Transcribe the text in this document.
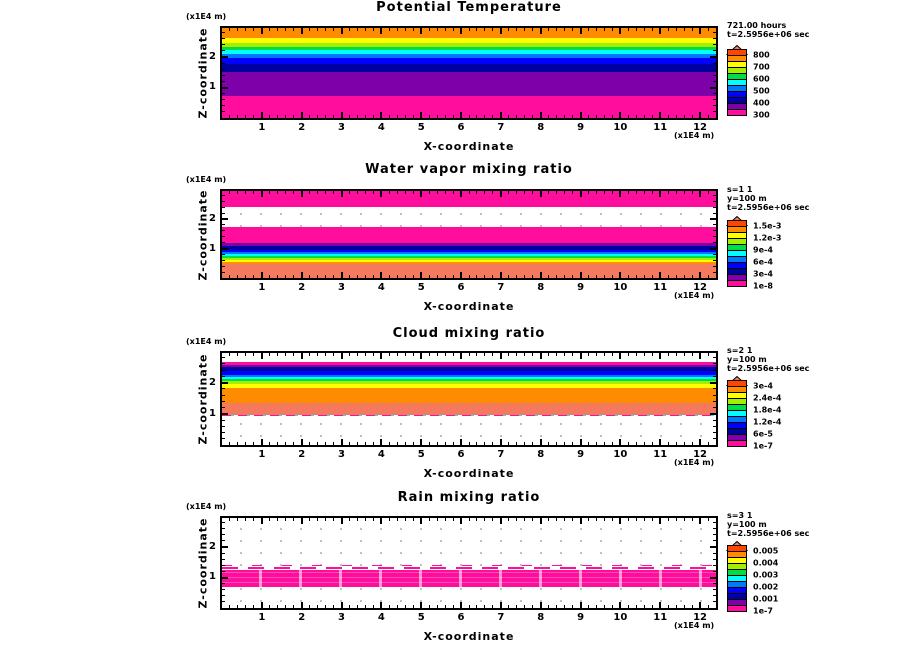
Potential Temperature
(x1E4 m)
Z-coordinate
1	2	3	4	5	6	7	8	9	10	11	12
1
2
(x1E4 m)
X-coordinate
721.00 hours
t=2.5956e+06 sec
800
700
600
500
400
300
Water vapor mixing ratio
(x1E4 m)
Z-coordinate
1	2	3	4	5	6	7	8	9	10	11	12
1
2
(x1E4 m)
X-coordinate
s=1 1
y=100 m
t=2.5956e+06 sec
1.5e-3
1.2e-3
9e-4
6e-4
3e-4
1e-8
Cloud mixing ratio
(x1E4 m)
Z-coordinate
1	2	3	4	5	6	7	8	9	10	11	12
1
2
(x1E4 m)
X-coordinate
s=2 1
y=100 m
t=2.5956e+06 sec
3e-4
2.4e-4
1.8e-4
1.2e-4
6e-5
1e-7
Rain mixing ratio
(x1E4 m)
Z-coordinate
1	2	3	4	5	6	7	8	9	10	11	12
1
2
(x1E4 m)
X-coordinate
s=3 1
y=100 m
t=2.5956e+06 sec
0.005
0.004
0.003
0.002
0.001
1e-7
